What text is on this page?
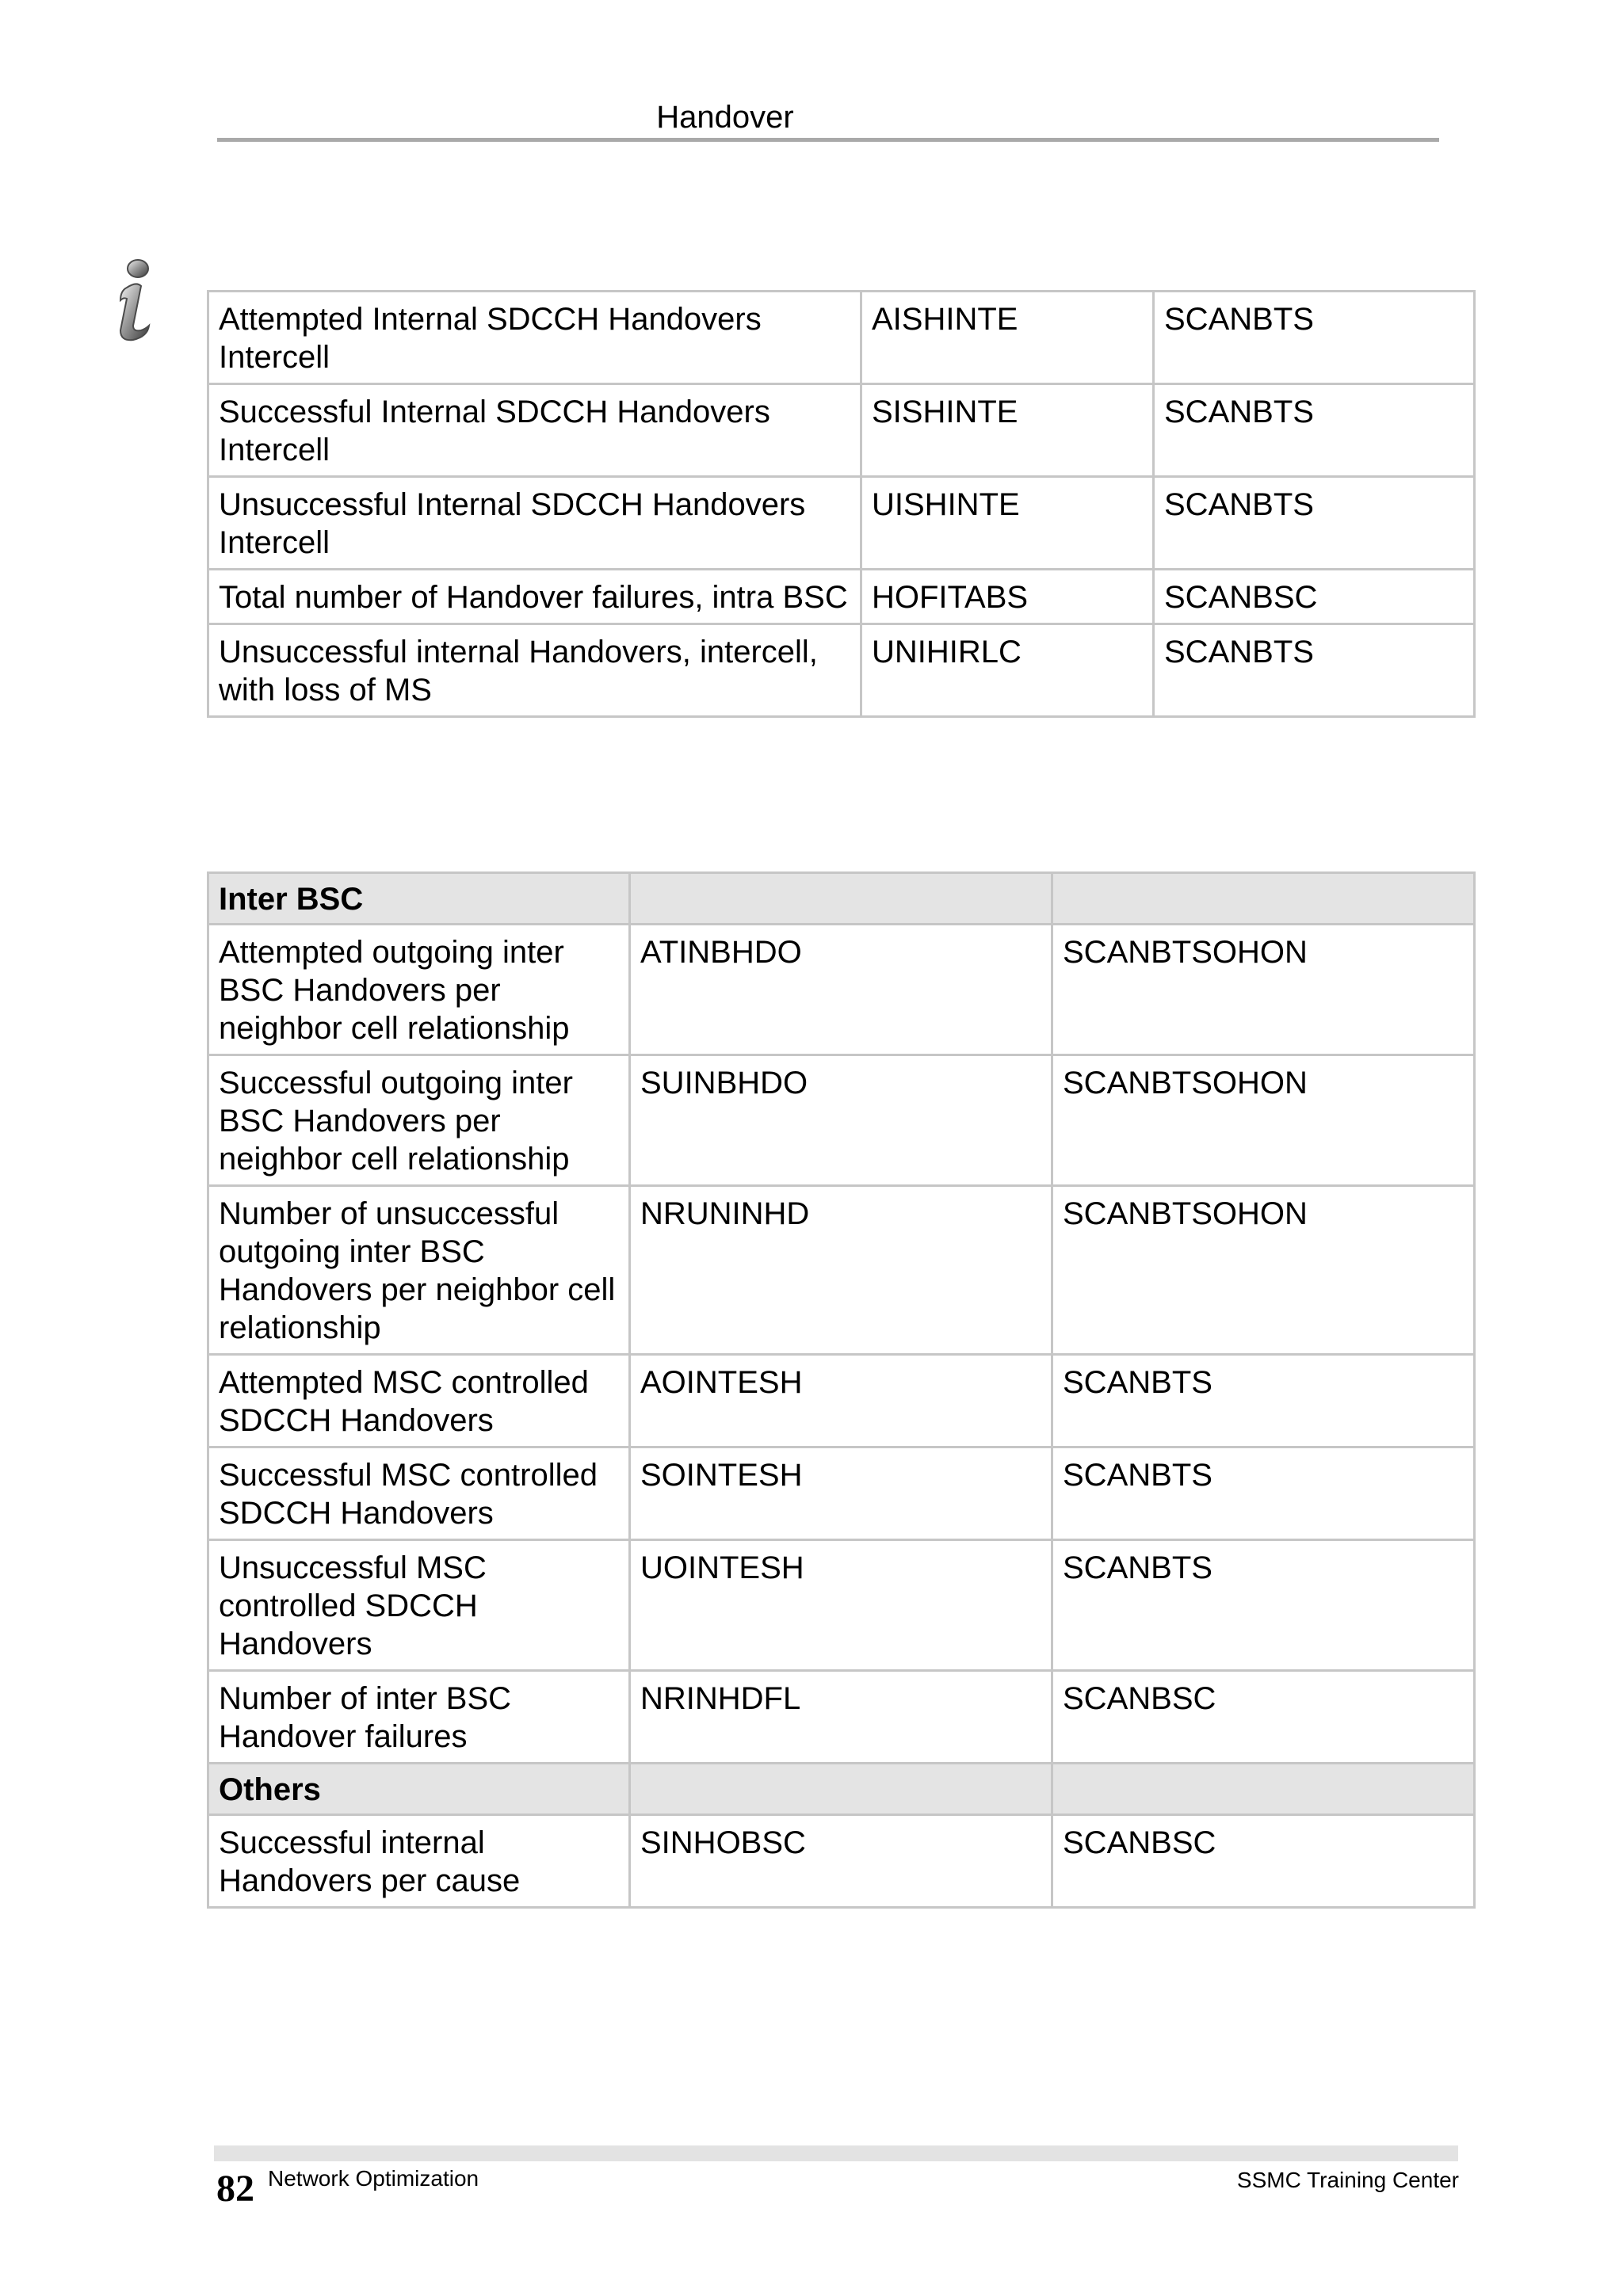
Handover
Attempted Internal SDCCH Handovers Intercell	AISHINTE	SCANBTS
Successful Internal SDCCH Handovers Intercell	SISHINTE	SCANBTS
Unsuccessful Internal SDCCH Handovers Intercell	UISHINTE	SCANBTS
Total number of Handover failures, intra BSC	HOFITABS	SCANBSC
Unsuccessful internal Handovers, intercell, with loss of MS	UNIHIRLC	SCANBTS
Inter BSC		
Attempted outgoing inter BSC Handovers per neighbor cell relationship	ATINBHDO	SCANBTSOHON
Successful outgoing inter BSC Handovers per neighbor cell relationship	SUINBHDO	SCANBTSOHON
Number of unsuccessful outgoing inter BSC Handovers per neighbor cell relationship	NRUNINHD	SCANBTSOHON
Attempted MSC controlled SDCCH Handovers	AOINTESH	SCANBTS
Successful MSC controlled SDCCH Handovers	SOINTESH	SCANBTS
Unsuccessful MSC controlled SDCCH Handovers	UOINTESH	SCANBTS
Number of inter BSC Handover failures	NRINHDFL	SCANBSC
Others		
Successful internal Handovers per cause	SINHOBSC	SCANBSC
82 Network Optimization	SSMC Training Center
